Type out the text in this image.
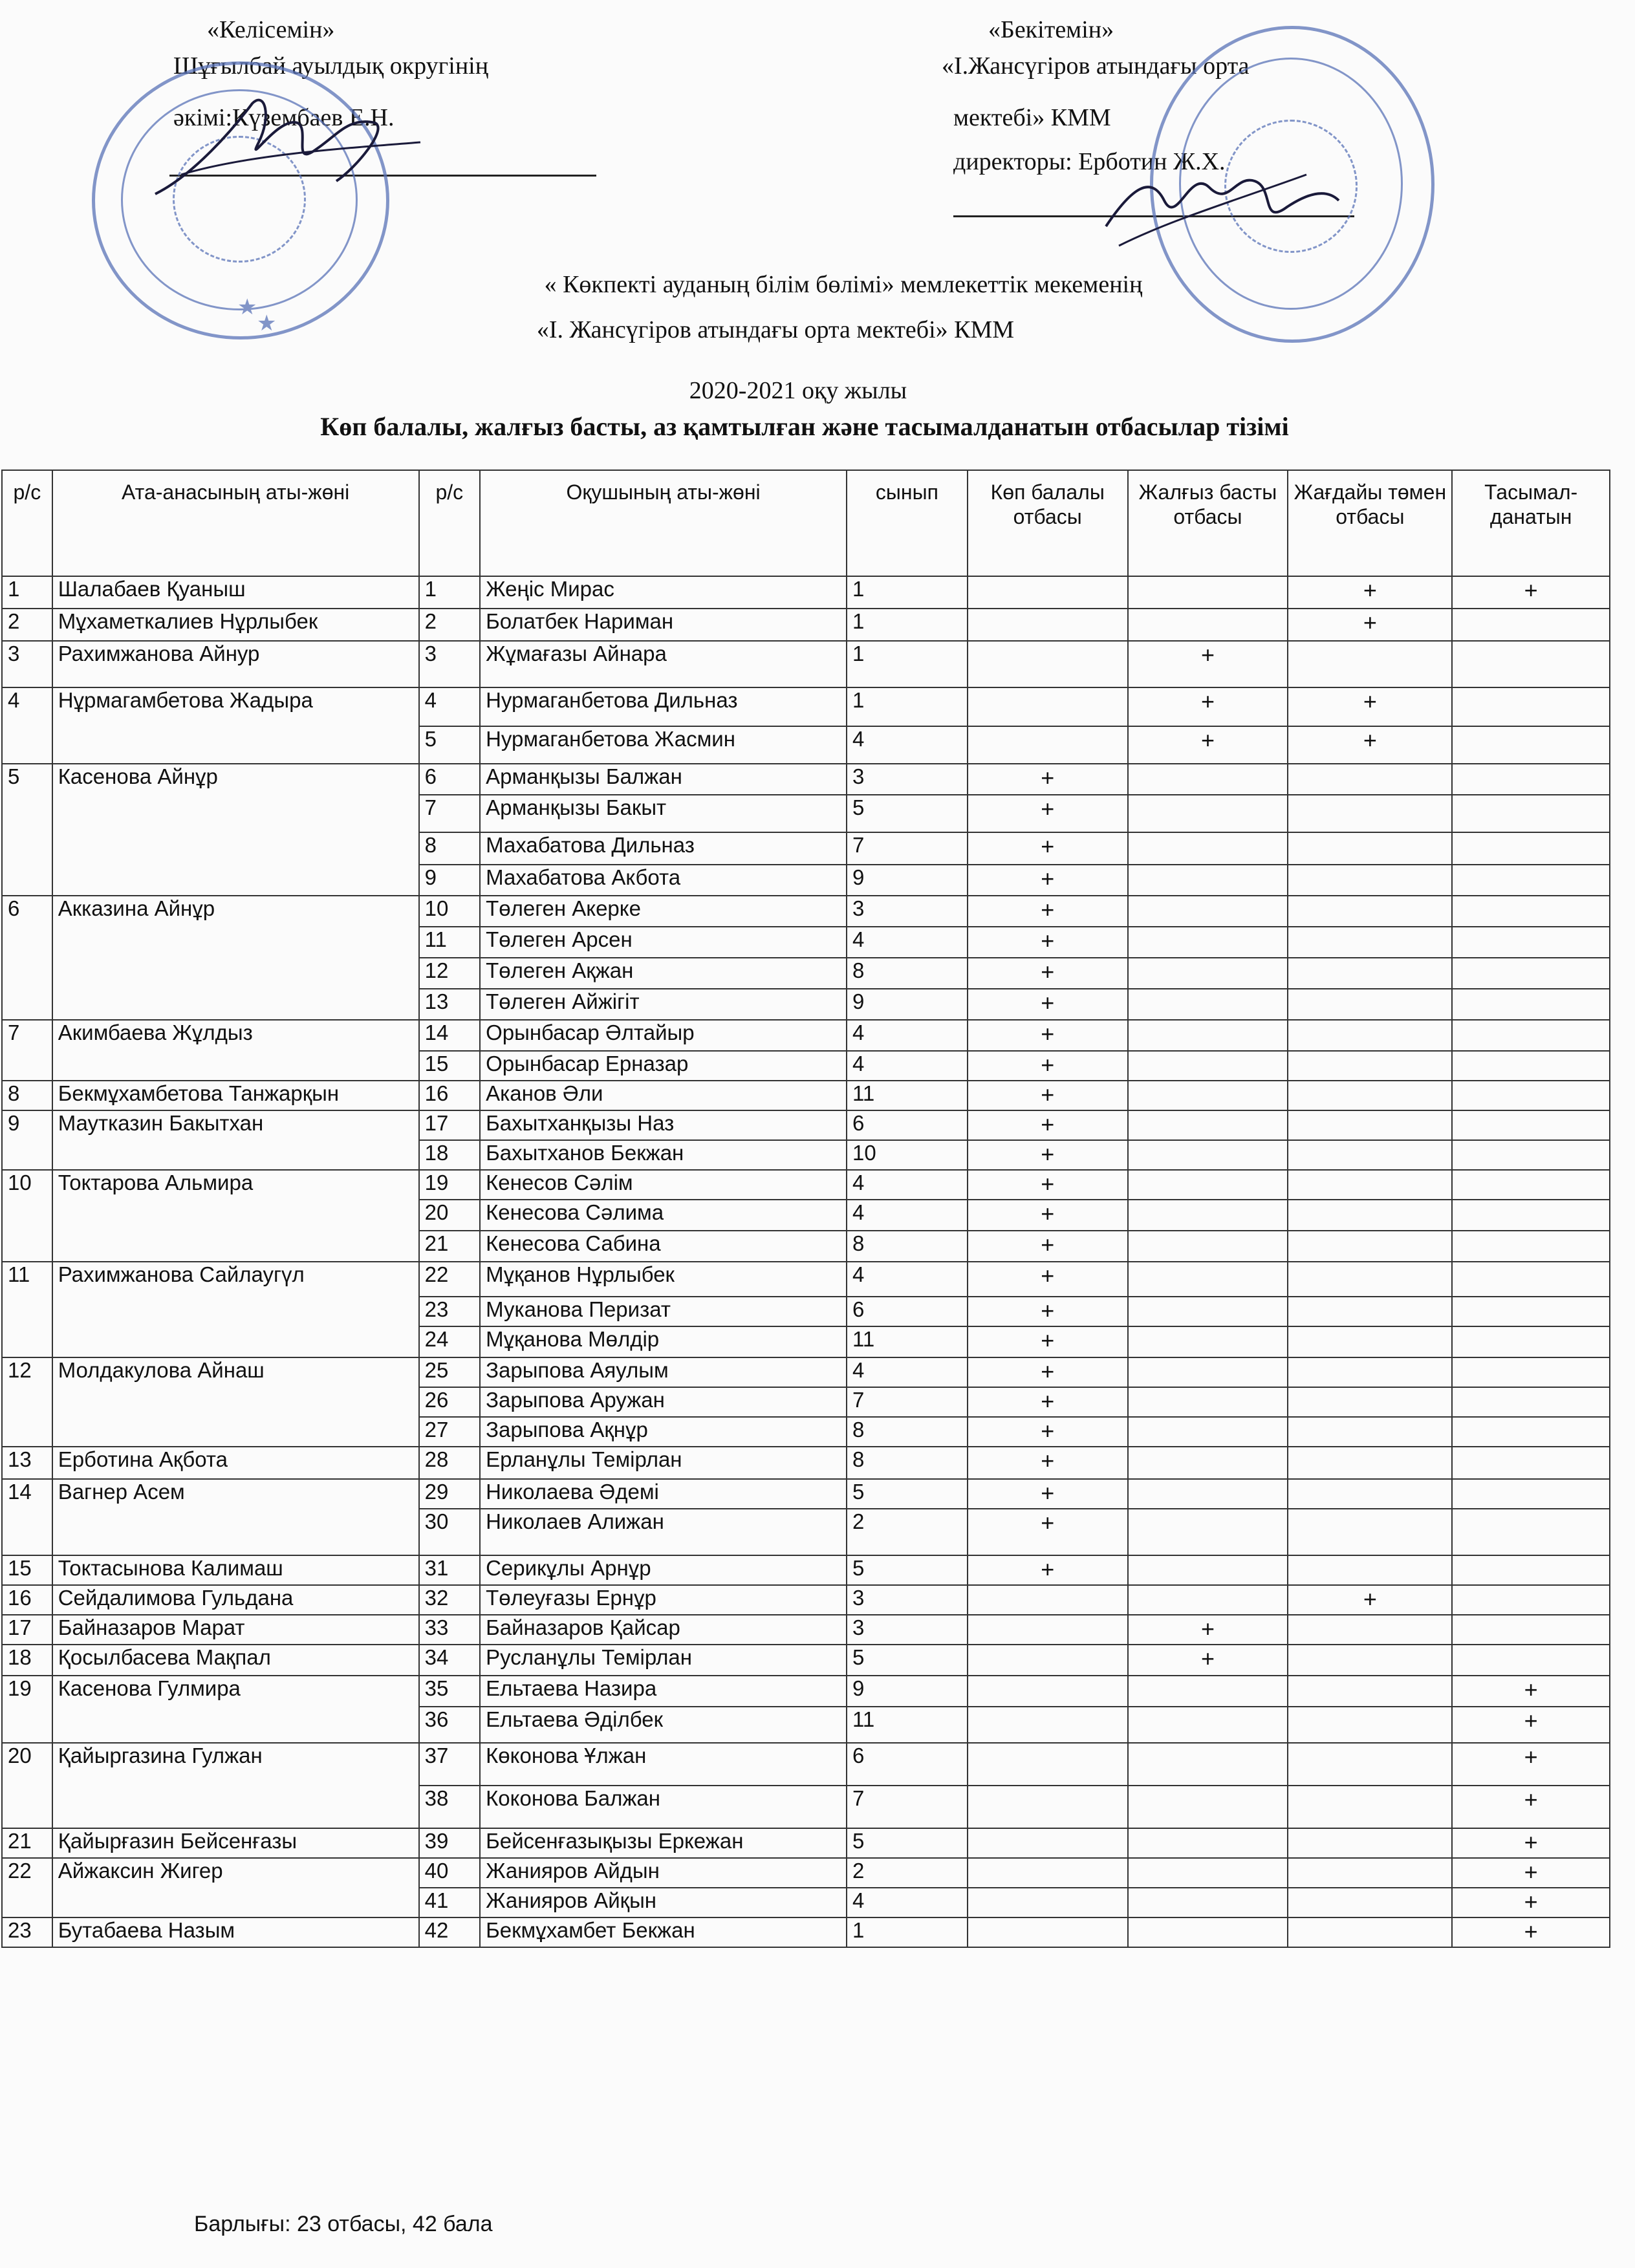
«Келісемін»
Шұғылбай ауылдық округінің
әкімі:Күзембаев Е.Н.
«Бекітемін»
«І.Жансүгіров атындағы орта
мектебі» КММ
директоры: Ерботин Ж.Х.
★
★
« Көкпекті ауданың білім бөлімі» мемлекеттік мекеменің
«І. Жансүгіров атындағы орта мектебі» КММ
2020-2021 оқу жылы
Көп балалы, жалғыз басты, аз қамтылған және тасымалданатын отбасылар тізімі
р/с	Ата-анасының аты-жөні	р/с	Оқушының аты-жөні	сынып	Көп балалы отбасы	Жалғыз басты отбасы	Жағдайы төмен отбасы	Тасымал-данатын
1	Шалабаев Қуаныш	1	Жеңіс Мирас	1			+	+
2	Мұхаметкалиев Нұрлыбек	2	Болатбек Нариман	1			+	
3	Рахимжанова Айнур	3	Жұмағазы Айнара	1		+		
4	Нұрмагамбетова Жадыра	4	Нурмаганбетова Дильназ	1		+	+	
		5	Нурмаганбетова Жасмин	4		+	+	
5	Касенова Айнұр	6	Арманқызы Балжан	3	+			
		7	Арманқызы Бакыт	5	+			
		8	Махабатова Дильназ	7	+			
		9	Махабатова Акбота	9	+			
6	Акказина Айнұр	10	Төлеген Акерке	3	+			
		11	Төлеген Арсен	4	+			
		12	Төлеген Ақжан	8	+			
		13	Төлеген Айжігіт	9	+			
7	Акимбаева Жұлдыз	14	Орынбасар Әлтайыр	4	+			
		15	Орынбасар Ерназар	4	+			
8	Бекмұхамбетова Танжарқын	16	Аканов Әли	11	+			
9	Маутказин Бакытхан	17	Бахытханқызы Наз	6	+			
		18	Бахытханов Бекжан	10	+			
10	Токтарова Альмира	19	Кенесов Сәлім	4	+			
		20	Кенесова Сәлима	4	+			
		21	Кенесова Сабина	8	+			
11	Рахимжанова Сайлаугүл	22	Мұқанов Нұрлыбек	4	+			
		23	Муканова Перизат	6	+			
		24	Мұқанова Мөлдір	11	+			
12	Молдакулова Айнаш	25	Зарыпова Аяулым	4	+			
		26	Зарыпова Аружан	7	+			
		27	Зарыпова Ақнұр	8	+			
13	Ерботина Ақбота	28	Ерланұлы Темірлан	8	+			
14	Вагнер Асем	29	Николаева Әдемі	5	+			
		30	Николаев Алижан	2	+			
15	Токтасынова Калимаш	31	Серикұлы Арнұр	5	+			
16	Сейдалимова Гульдана	32	Төлеуғазы Ернұр	3			+	
17	Байназаров Марат	33	Байназаров Қайсар	3		+		
18	Қосылбасева Мақпал	34	Русланұлы Темірлан	5		+		
19	Касенова Гулмира	35	Ельтаева Назира	9				+
		36	Ельтаева Әділбек	11				+
20	Қайыргазина Гулжан	37	Көконова Ұлжан	6				+
		38	Коконова Балжан	7				+
21	Қайырғазин Бейсенғазы	39	Бейсенғазықызы Еркежан	5				+
22	Айжаксин Жигер	40	Жанияров Айдын	2				+
		41	Жанияров Айқын	4				+
23	Бутабаева Назым	42	Бекмұхамбет Бекжан	1				+
Барлығы: 23 отбасы, 42 бала
